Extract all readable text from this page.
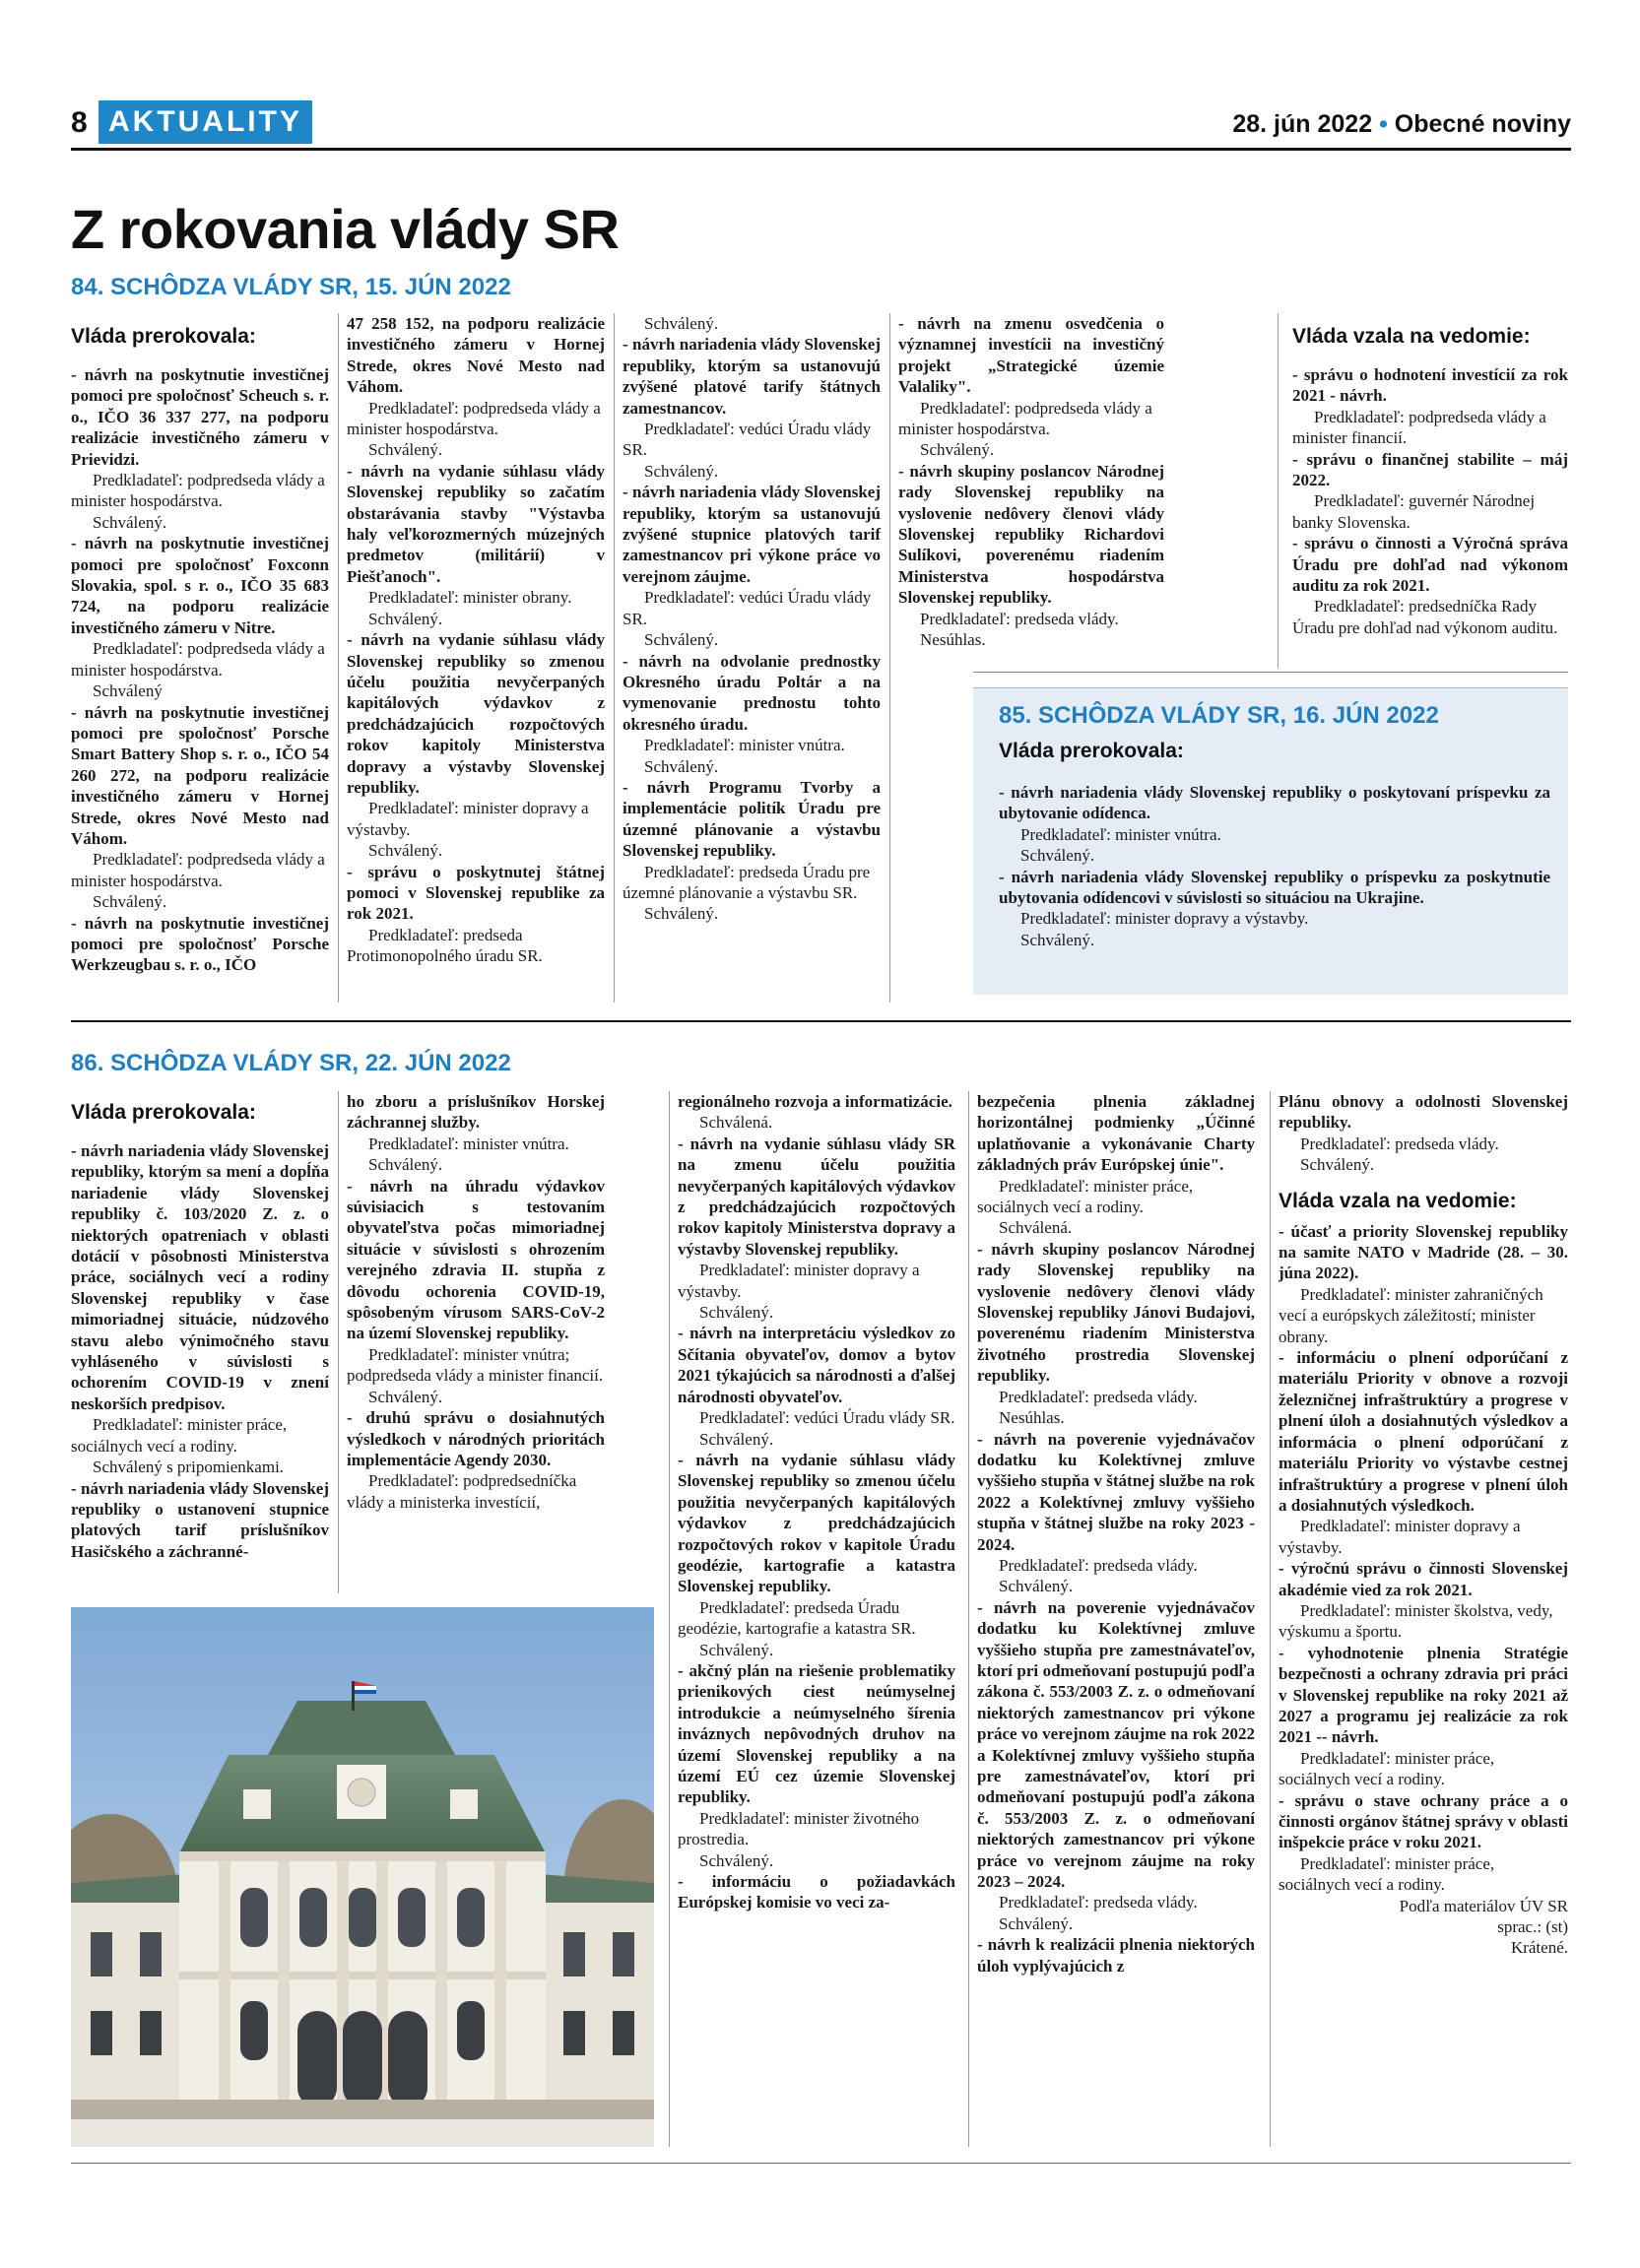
8 AKTUALITY	28. jún 2022 • Obecné noviny
Z rokovania vlády SR
84. SCHÔDZA VLÁDY SR, 15. JÚN 2022
Vláda prerokovala:

- návrh na poskytnutie investičnej pomoci pre spoločnosť Scheuch s. r. o., IČO 36 337 277, na podporu realizácie investičného zámeru v Prievidzi.

Predkladateľ: podpredseda vlády a minister hospodárstva.

Schválený.

- návrh na poskytnutie investičnej pomoci pre spoločnosť Foxconn Slovakia, spol. s r. o., IČO 35 683 724, na podporu realizácie investičného zámeru v Nitre.

Predkladateľ: podpredseda vlády a minister hospodárstva.

Schválený

- návrh na poskytnutie investičnej pomoci pre spoločnosť Porsche Smart Battery Shop s. r. o., IČO 54 260 272, na podporu realizácie investičného zámeru v Hornej Strede, okres Nové Mesto nad Váhom.

Predkladateľ: podpredseda vlády a minister hospodárstva.

Schválený.

- návrh na poskytnutie investičnej pomoci pre spoločnosť Porsche Werkzeugbau s. r. o., IČO

47 258 152, na podporu realizácie investičného zámeru v Hornej Strede, okres Nové Mesto nad Váhom.

Predkladateľ: podpredseda vlády a minister hospodárstva.

Schválený.

- návrh na vydanie súhlasu vlády Slovenskej republiky so začatím obstarávania stavby "Výstavba haly veľkorozmerných múzejných predmetov (militárií) v Piešťanoch".

Predkladateľ: minister obrany.

Schválený.

- návrh na vydanie súhlasu vlády Slovenskej republiky so zmenou účelu použitia nevyčerpaných kapitálových výdavkov z predchádzajúcich rozpočtových rokov kapitoly Ministerstva dopravy a výstavby Slovenskej republiky.

Predkladateľ: minister dopravy a výstavby.

Schválený.

- správu o poskytnutej štátnej pomoci v Slovenskej republike za rok 2021.

Predkladateľ: predseda Protimonopolného úradu SR.

Schválený.

- návrh nariadenia vlády Slovenskej republiky, ktorým sa ustanovujú zvýšené platové tarify štátnych zamestnancov.

Predkladateľ: vedúci Úradu vlády SR.

Schválený.

- návrh nariadenia vlády Slovenskej republiky, ktorým sa ustanovujú zvýšené stupnice platových tarif zamestnancov pri výkone práce vo verejnom záujme.

Predkladateľ: vedúci Úradu vlády SR.

Schválený.

- návrh na odvolanie prednostky Okresného úradu Poltár a na vymenovanie prednostu tohto okresného úradu.

Predkladateľ: minister vnútra.

Schválený.

- návrh Programu Tvorby a implementácie politík Úradu pre územné plánovanie a výstavbu Slovenskej republiky.

Predkladateľ: predseda Úradu pre územné plánovanie a výstavbu SR.

Schválený.

- návrh na zmenu osvedčenia o významnej investícii na investičný projekt „Strategické územie Valaliky".

Predkladateľ: podpredseda vlády a minister hospodárstva.

Schválený.

- návrh skupiny poslancov Národnej rady Slovenskej republiky na vyslovenie nedôvery členovi vlády Slovenskej republiky Richardovi Sulíkovi, poverenému riadením Ministerstva hospodárstva Slovenskej republiky.

Predkladateľ: predseda vlády.

Nesúhlas.

Vláda vzala na vedomie:

- správu o hodnotení investícií za rok 2021 - návrh.

Predkladateľ: podpredseda vlády a minister financií.

- správu o finančnej stabilite – máj 2022.

Predkladateľ: guvernér Národnej banky Slovenska.

- správu o činnosti a Výročná správa Úradu pre dohľad nad výkonom auditu za rok 2021.

Predkladateľ: predsedníčka Rady Úradu pre dohľad nad výkonom auditu.

85. SCHÔDZA VLÁDY SR, 16. JÚN 2022
Vláda prerokovala:

- návrh nariadenia vlády Slovenskej republiky o poskytovaní príspevku za ubytovanie odídenca.

Predkladateľ: minister vnútra.

Schválený.

- návrh nariadenia vlády Slovenskej republiky o príspevku za poskytnutie ubytovania odídencovi v súvislosti so situáciou na Ukrajine.

Predkladateľ: minister dopravy a výstavby.

Schválený.

86. SCHÔDZA VLÁDY SR, 22. JÚN 2022
Vláda prerokovala:

- návrh nariadenia vlády Slovenskej republiky, ktorým sa mení a dopĺňa nariadenie vlády Slovenskej republiky č. 103/2020 Z. z. o niektorých opatreniach v oblasti dotácií v pôsobnosti Ministerstva práce, sociálnych vecí a rodiny Slovenskej republiky v čase mimoriadnej situácie, núdzového stavu alebo výnimočného stavu vyhláseného v súvislosti s ochorením COVID-19 v znení neskorších predpisov.

Predkladateľ: minister práce, sociálnych vecí a rodiny.

Schválený s pripomienkami.

- návrh nariadenia vlády Slovenskej republiky o ustanovení stupnice platových tarif príslušníkov Hasičského a záchranné-

ho zboru a príslušníkov Horskej záchrannej služby.

Predkladateľ: minister vnútra.

Schválený.

- návrh na úhradu výdavkov súvisiacich s testovaním obyvateľstva počas mimoriadnej situácie v súvislosti s ohrozením verejného zdravia II. stupňa z dôvodu ochorenia COVID-19, spôsobeným vírusom SARS-CoV-2 na území Slovenskej republiky.

Predkladateľ: minister vnútra; podpredseda vlády a minister financií.

Schválený.

- druhú správu o dosiahnutých výsledkoch v národných prioritách implementácie Agendy 2030.

Predkladateľ: podpredsedníčka vlády a ministerka investícií,

regionálneho rozvoja a informatizácie.

Schválená.

- návrh na vydanie súhlasu vlády SR na zmenu účelu použitia nevyčerpaných kapitálových výdavkov z predchádzajúcich rozpočtových rokov kapitoly Ministerstva dopravy a výstavby Slovenskej republiky.

Predkladateľ: minister dopravy a výstavby.

Schválený.

- návrh na interpretáciu výsledkov zo Sčítania obyvateľov, domov a bytov 2021 týkajúcich sa národnosti a ďalšej národnosti obyvateľov.

Predkladateľ: vedúci Úradu vlády SR.

Schválený.

- návrh na vydanie súhlasu vlády Slovenskej republiky so zmenou účelu použitia nevyčerpaných kapitálových výdavkov z predchádzajúcich rozpočtových rokov v kapitole Úradu geodézie, kartografie a katastra Slovenskej republiky.

Predkladateľ: predseda Úradu geodézie, kartografie a katastra SR.

Schválený.

- akčný plán na riešenie problematiky prienikových ciest neúmyselnej introdukcie a neúmyselného šírenia inváznych nepôvodných druhov na území Slovenskej republiky a na území EÚ cez územie Slovenskej republiky.

Predkladateľ: minister životného prostredia.

Schválený.

- informáciu o požiadavkách Európskej komisie vo veci za-

bezpečenia plnenia základnej horizontálnej podmienky „Účinné uplatňovanie a vykonávanie Charty základných práv Európskej únie".

Predkladateľ: minister práce, sociálnych vecí a rodiny.

Schválená.

- návrh skupiny poslancov Národnej rady Slovenskej republiky na vyslovenie nedôvery členovi vlády Slovenskej republiky Jánovi Budajovi, poverenému riadením Ministerstva životného prostredia Slovenskej republiky.

Predkladateľ: predseda vlády.

Nesúhlas.

- návrh na poverenie vyjednávačov dodatku ku Kolektívnej zmluve vyššieho stupňa v štátnej službe na rok 2022 a Kolektívnej zmluvy vyššieho stupňa v štátnej službe na roky 2023 - 2024.

Predkladateľ: predseda vlády.

Schválený.

- návrh na poverenie vyjednávačov dodatku ku Kolektívnej zmluve vyššieho stupňa pre zamestnávateľov, ktorí pri odmeňovaní postupujú podľa zákona č. 553/2003 Z. z. o odmeňovaní niektorých zamestnancov pri výkone práce vo verejnom záujme na rok 2022 a Kolektívnej zmluvy vyššieho stupňa pre zamestnávateľov, ktorí pri odmeňovaní postupujú podľa zákona č. 553/2003 Z. z. o odmeňovaní niektorých zamestnancov pri výkone práce vo verejnom záujme na roky 2023 – 2024.

Predkladateľ: predseda vlády.

Schválený.

- návrh k realizácii plnenia niektorých úloh vyplývajúcich z

Plánu obnovy a odolnosti Slovenskej republiky.

Predkladateľ: predseda vlády.

Schválený.

Vláda vzala na vedomie:

- účasť a priority Slovenskej republiky na samite NATO v Madride (28. – 30. júna 2022).

Predkladateľ: minister zahraničných vecí a európskych záležitostí; minister obrany.

- informáciu o plnení odporúčaní z materiálu Priority v obnove a rozvoji železničnej infraštruktúry a progrese v plnení úloh a dosiahnutých výsledkov a informácia o plnení odporúčaní z materiálu Priority vo výstavbe cestnej infraštruktúry a progrese v plnení úloh a dosiahnutých výsledkoch.

Predkladateľ: minister dopravy a výstavby.

- výročnú správu o činnosti Slovenskej akadémie vied za rok 2021.

Predkladateľ: minister školstva, vedy, výskumu a športu.

- vyhodnotenie plnenia Stratégie bezpečnosti a ochrany zdravia pri práci v Slovenskej republike na roky 2021 až 2027 a programu jej realizácie za rok 2021 -- návrh.

Predkladateľ: minister práce, sociálnych vecí a rodiny.

- správu o stave ochrany práce a o činnosti orgánov štátnej správy v oblasti inšpekcie práce v roku 2021.

Predkladateľ: minister práce, sociálnych vecí a rodiny.

Podľa materiálov ÚV SR

sprac.: (st)

Krátené.
